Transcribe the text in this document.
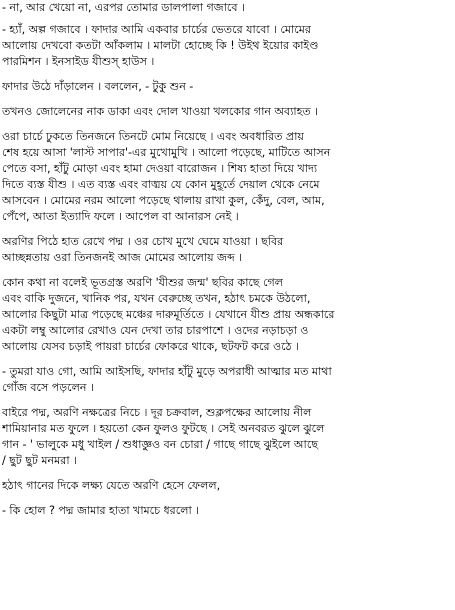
- না, আর খেয়ো না, এরপর তোমার ডালপালা গজাবে ।
- হ্যাঁ, অল্প গজাবে । ফাদার আমি একবার চার্চের ভেতরে যাবো । মোমের
আলোয় দেখবো কতটা আঁকলাম । মালটা হোচ্ছে কি ! উইথ ইয়োর কাইণ্ড
পারমিশন । ইনসাইড যীশুস্ হাউস ।
ফাদার উঠে দাঁড়ালেন । বললেন, - টুকু শুন -
তখনও জোলেনের নাক ডাকা এবং দোল খাওয়া খলকোর গান অব্যাহত ।
ওরা চার্চে ঢুকতে তিনজনে তিনটে মোম নিয়েছে । এবং অবধারিত প্রায়
শেষ হয়ে আসা 'লাস্ট সাপার'-এর মুখোমুখি । আলো পড়েছে, মাটিতে আসন
পেতে বসা, হাঁটু মোড়া এবং হামা দেওয়া বারোজন । শিষ্য হাতা দিয়ে খাদ্য
দিতে ব্যস্ত যীশু । এত ব্যস্ত এবং বাঙ্ময় যে কোন মুহূর্তে দেয়াল থেকে নেমে
আসবেন । মোমের নরম আলো পড়েছে থালায় রাখা কুল, কেঁদু, বেল, আম,
পেঁপে, আতা ইত্যাদি ফলে । আপেল বা আনারস নেই ।
অরণির পিঠে হাত রেখে পদ্ম । ওর চোখ মুখে ঘেমে যাওয়া । ছবির
আচ্ছন্নতায় ওরা তিনজনই আজ মোমের আলোয় জব্দ ।
কোন কথা না বলেই ভূতগ্রস্ত অরণি 'যীশুর জন্ম' ছবির কাছে গেল
এবং বাকি দুজনে, খানিক পর, যখন বেরুচ্ছে তখন, হঠাৎ চমকে উঠলো,
আলোর কিছুটা মাত্র পড়েছে মঞ্চের দারুমূর্তিতে । যেখানে যীশু প্রায় অন্ধকারে
একটা লম্বু আলোর রেখাও যেন দেখা তার চারপাশে । ওদের নড়াচড়া ও
আলোয় যেসব চড়াই পায়রা চার্চের ফোকরে থাকে, ছটফট করে ওঠে ।
- তুমরা যাও গো, আমি আইসছি, ফাদার হাঁটু মুড়ে অপরাধী আত্মার মত মাথা
গোঁজ বসে পড়লেন ।
বাইরে পদ্ম, অরণি নক্ষত্রের নিচে । দূর চক্রবাল, শুক্লপক্ষের আলোয় নীল
শামিয়ানার মত ফুলে । হয়তো কেন ফুলও ফুটছে । সেই অনবরত ঝুলে ঝুলে
গান - ' ভালুকে মধু খাইল / শুধাজ্ঞুও বন চোরা / গাছে গাছে ঝুইলে আছে
/ ছুট ছুট মনমরা ।
হঠাৎ গানের দিকে লক্ষ্য যেতে অরণি হেসে ফেলল,
- কি হোল ? পদ্ম জামার হাতা খামচে ধরলো ।
